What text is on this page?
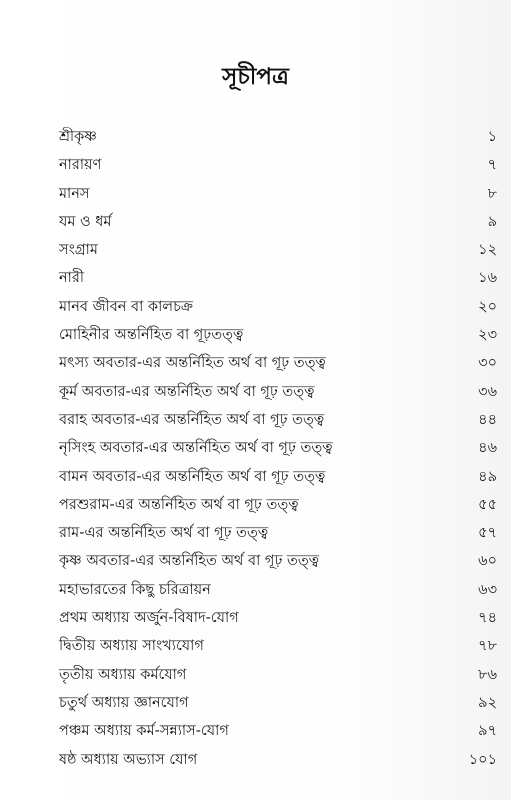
সূচীপত্র
শ্রীকৃষ্ণ	১
নারায়ণ	৭
মানস	৮
যম ও ধর্ম	৯
সংগ্রাম	১২
নারী	১৬
মানব জীবন বা কালচক্র	২০
মোহিনীর অন্তর্নিহিত বা গূঢ়তত্ত্ব	২৩
মৎস্য অবতার-এর অন্তর্নিহিত অর্থ বা গূঢ় তত্ত্ব	৩০
কূর্ম অবতার-এর অন্তর্নিহিত অর্থ বা গূঢ় তত্ত্ব	৩৬
বরাহ অবতার-এর অন্তর্নিহিত অর্থ বা গূঢ় তত্ত্ব	৪৪
নৃসিংহ অবতার-এর অন্তর্নিহিত অর্থ বা গূঢ় তত্ত্ব	৪৬
বামন অবতার-এর অন্তর্নিহিত অর্থ বা গূঢ় তত্ত্ব	৪৯
পরশুরাম-এর অন্তর্নিহিত অর্থ বা গূঢ় তত্ত্ব	৫৫
রাম-এর অন্তর্নিহিত অর্থ বা গূঢ় তত্ত্ব	৫৭
কৃষ্ণ অবতার-এর অন্তর্নিহিত অর্থ বা গূঢ় তত্ত্ব	৬০
মহাভারতের কিছু চরিত্রায়ন	৬৩
প্রথম অধ্যায় অর্জুন-বিষাদ-যোগ	৭৪
দ্বিতীয় অধ্যায় সাংখ্যযোগ	৭৮
তৃতীয় অধ্যায় কর্মযোগ	৮৬
চতুর্থ অধ্যায় জ্ঞানযোগ	৯২
পঞ্চম অধ্যায় কর্ম-সন্ন্যাস-যোগ	৯৭
ষষ্ঠ অধ্যায় অভ্যাস যোগ	১০১
